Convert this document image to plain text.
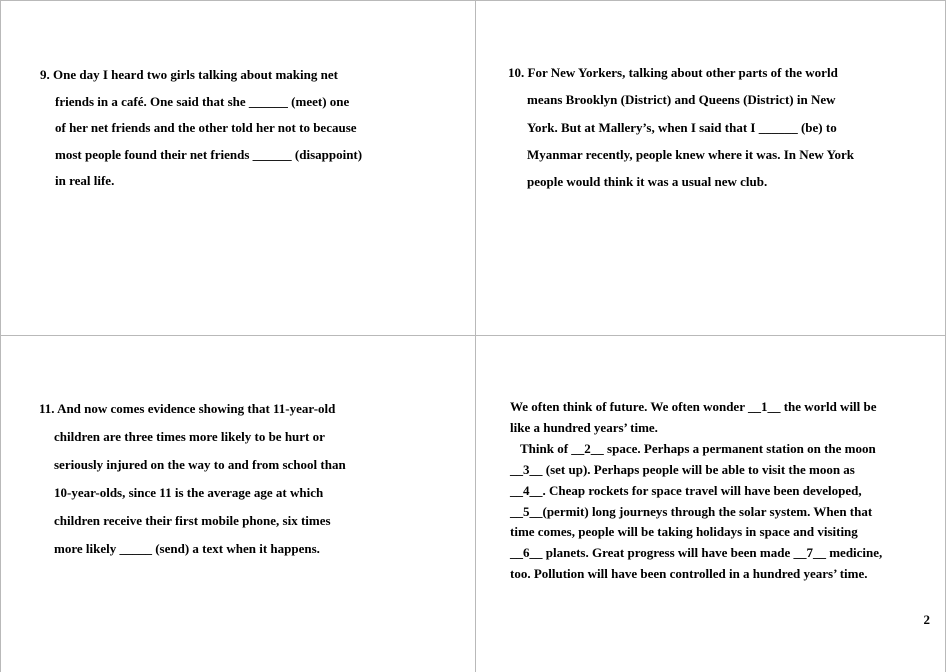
9. One day I heard two girls talking about making net
friends in a café. One said that she ______ (meet) one
of her net friends and the other told her not to because
most people found their net friends ______ (disappoint)
in real life.
10. For New Yorkers, talking about other parts of the world
means Brooklyn (District) and Queens (District) in New
York. But at Mallery’s, when I said that I ______ (be) to
Myanmar recently, people knew where it was. In New York
people would think it was a usual new club.
11. And now comes evidence showing that 11-year-old
children are three times more likely to be hurt or
seriously injured on the way to and from school than
10-year-olds, since 11 is the average age at which
children receive their first mobile phone, six times
more likely _____ (send) a text when it happens.
We often think of future. We often wonder __1__ the world will be
like a hundred years’ time.
Think of __2__ space. Perhaps a permanent station on the moon
__3__ (set up). Perhaps people will be able to visit the moon as
__4__. Cheap rockets for space travel will have been developed,
__5__(permit) long journeys through the solar system. When that
time comes, people will be taking holidays in space and visiting
__6__ planets. Great progress will have been made __7__ medicine,
too. Pollution will have been controlled in a hundred years’ time.
2
